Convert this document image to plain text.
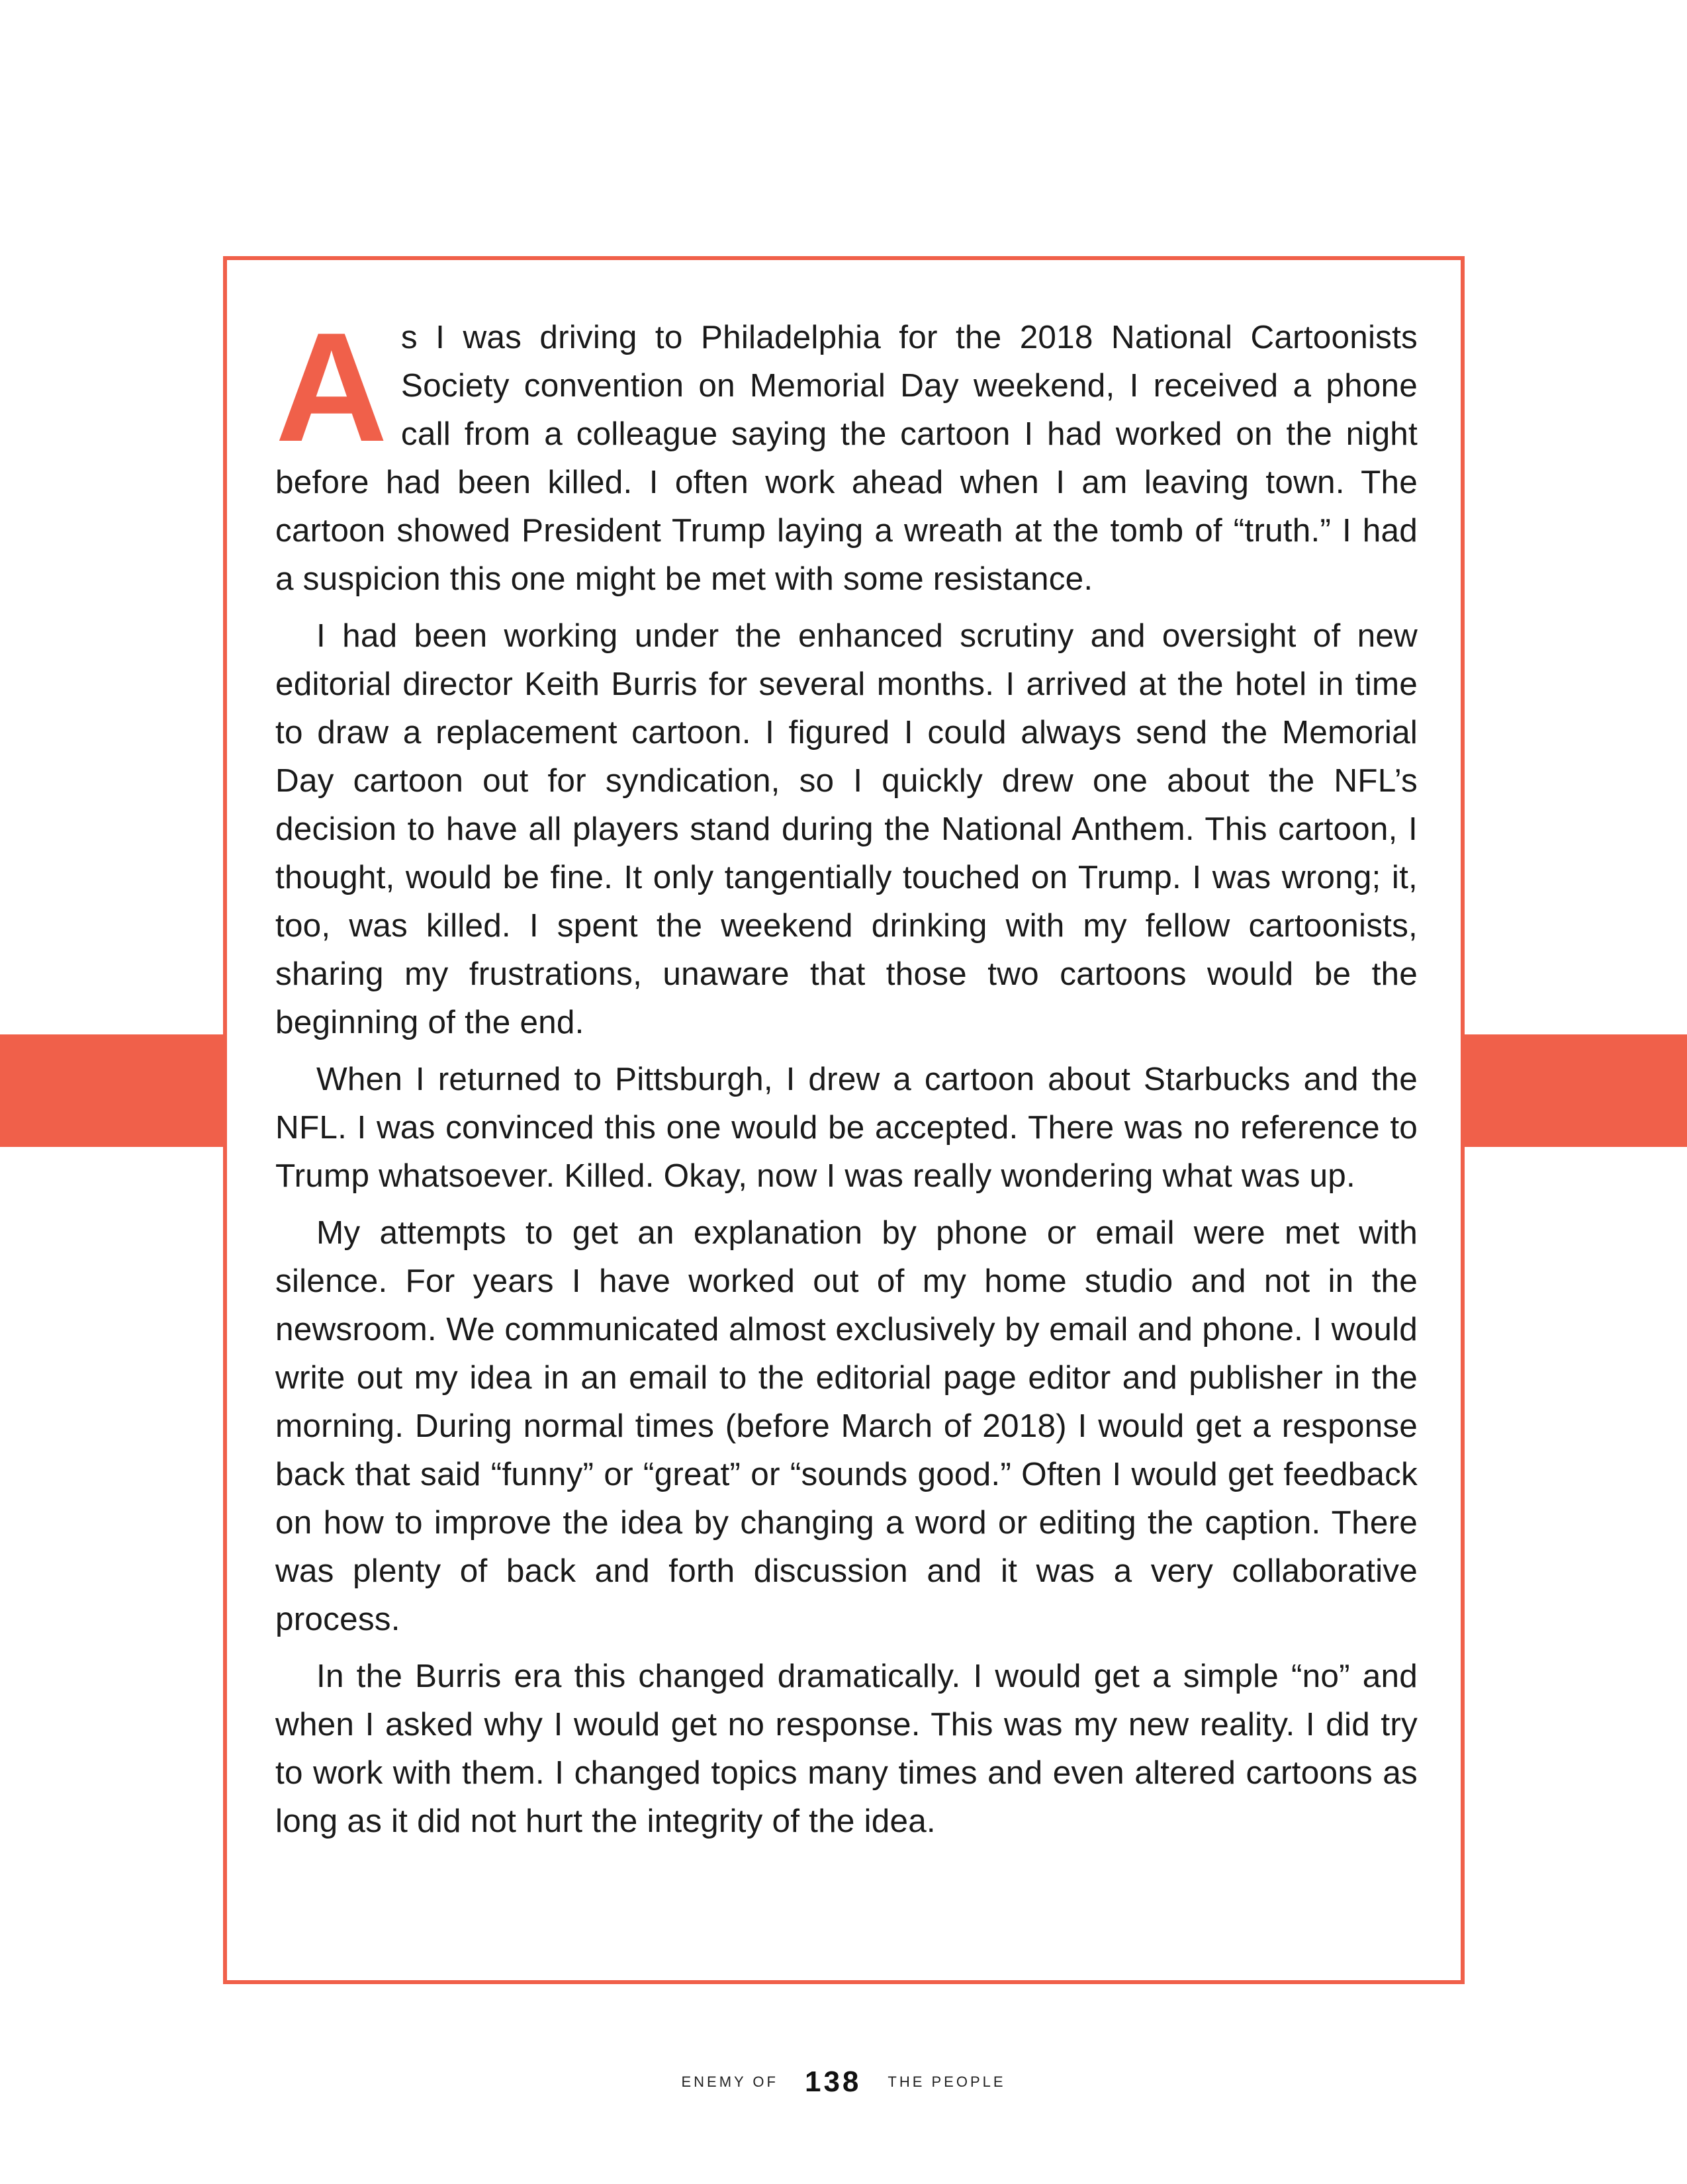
As I was driving to Philadelphia for the 2018 National Cartoonists Society convention on Memorial Day weekend, I received a phone call from a colleague saying the cartoon I had worked on the night before had been killed. I often work ahead when I am leaving town. The cartoon showed President Trump laying a wreath at the tomb of “truth.” I had a suspicion this one might be met with some resistance.

I had been working under the enhanced scrutiny and oversight of new editorial director Keith Burris for several months. I arrived at the hotel in time to draw a replacement cartoon. I figured I could always send the Memorial Day cartoon out for syndication, so I quickly drew one about the NFL’s decision to have all players stand during the National Anthem. This cartoon, I thought, would be fine. It only tangentially touched on Trump. I was wrong; it, too, was killed. I spent the weekend drinking with my fellow cartoonists, sharing my frustrations, unaware that those two cartoons would be the beginning of the end.

When I returned to Pittsburgh, I drew a cartoon about Starbucks and the NFL. I was convinced this one would be accepted. There was no reference to Trump whatsoever. Killed. Okay, now I was really wondering what was up.

My attempts to get an explanation by phone or email were met with silence. For years I have worked out of my home studio and not in the newsroom. We communicated almost exclusively by email and phone. I would write out my idea in an email to the editorial page editor and publisher in the morning. During normal times (before March of 2018) I would get a response back that said “funny” or “great” or “sounds good.” Often I would get feedback on how to improve the idea by changing a word or editing the caption. There was plenty of back and forth discussion and it was a very collaborative process.

In the Burris era this changed dramatically. I would get a simple “no” and when I asked why I would get no response. This was my new reality. I did try to work with them. I changed topics many times and even altered cartoons as long as it did not hurt the integrity of the idea.

ENEMY OF 138 THE PEOPLE
